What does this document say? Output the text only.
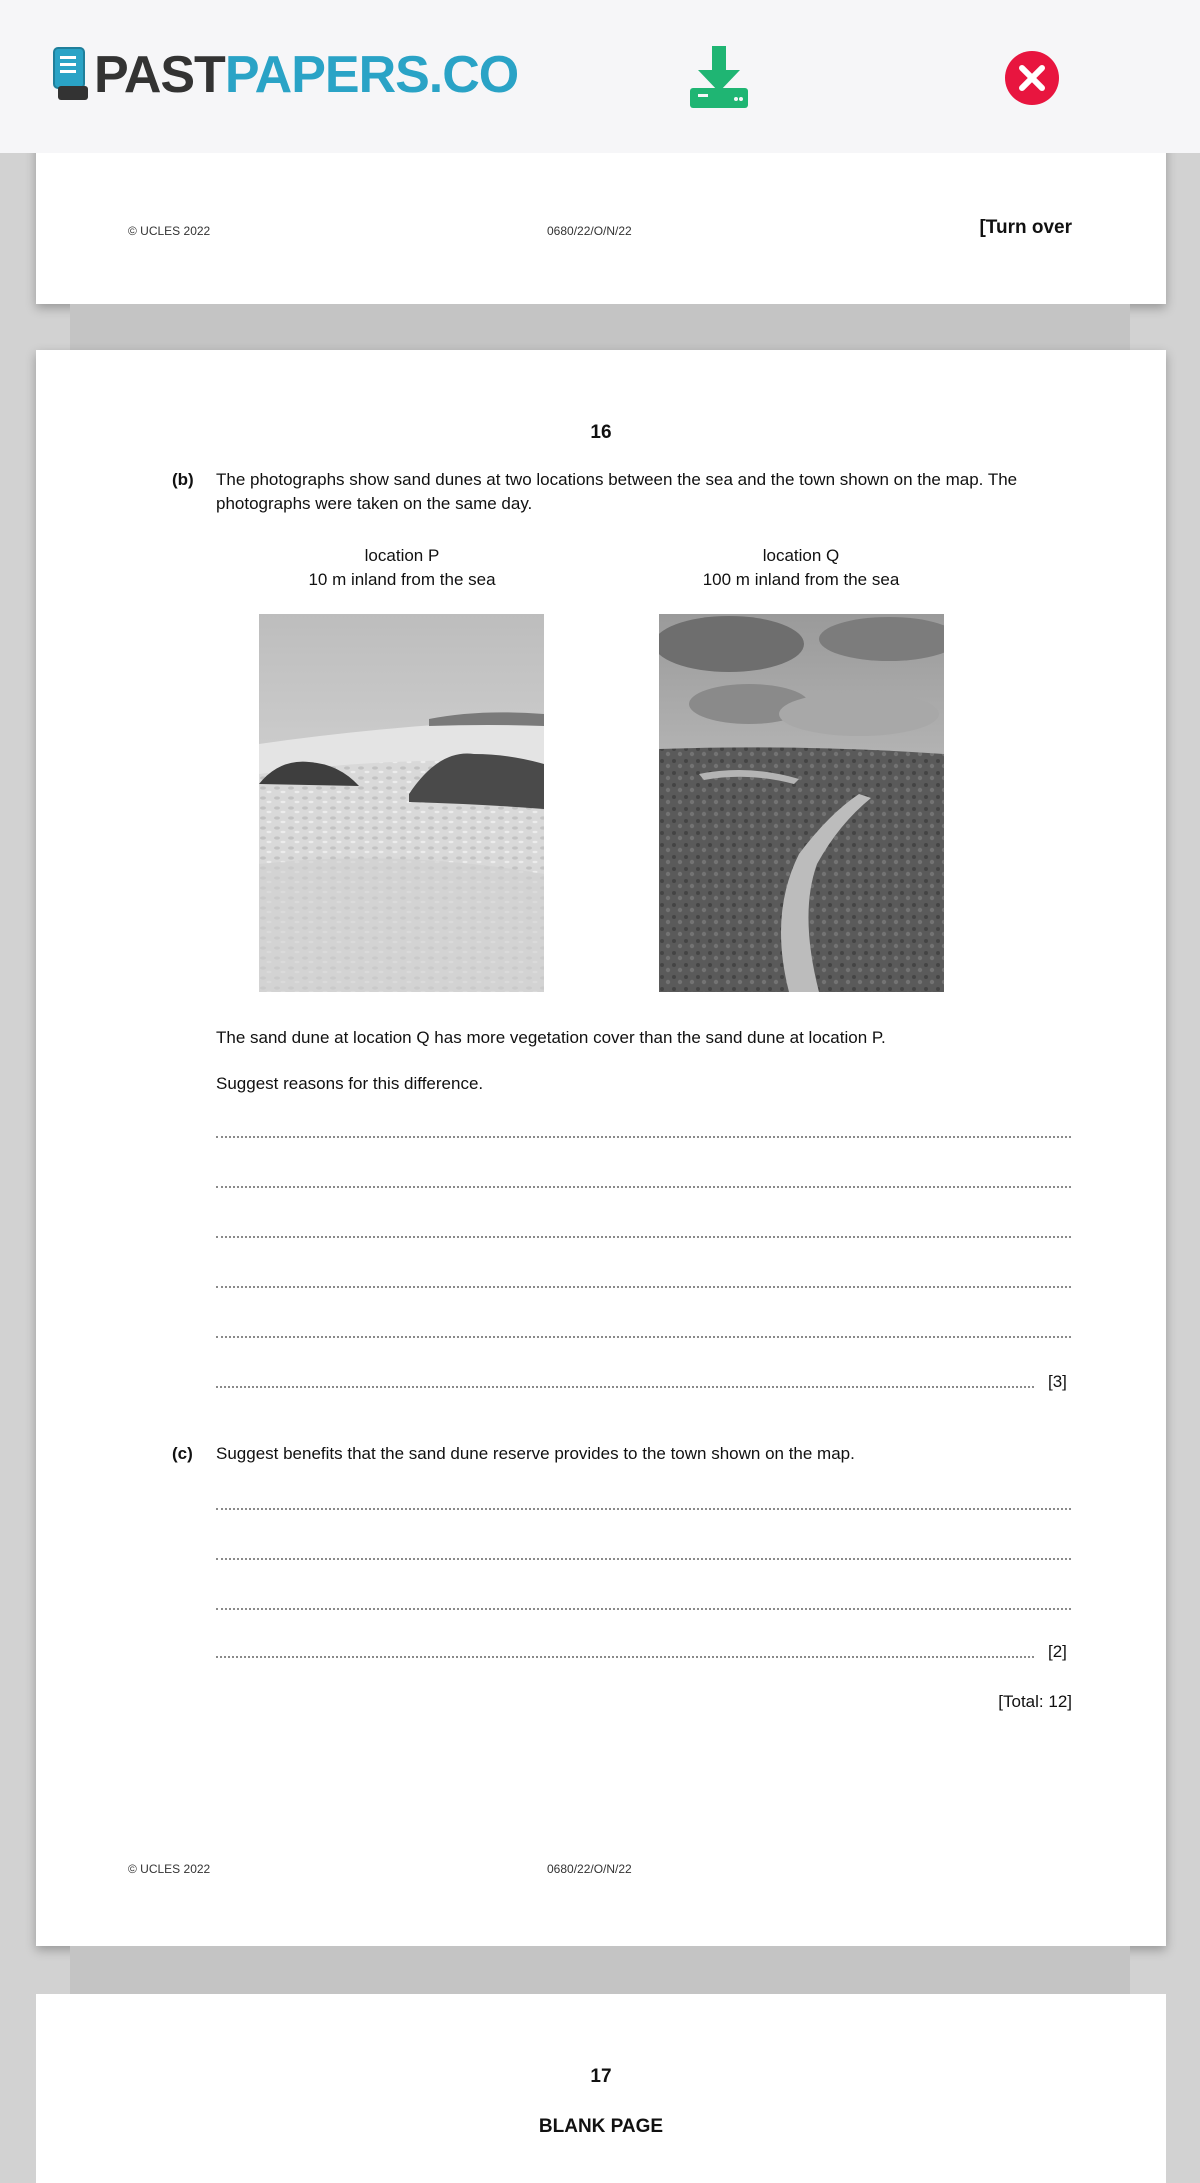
PASTPAPERS.CO
© UCLES 2022	0680/22/O/N/22	[Turn over
16
(b) The photographs show sand dunes at two locations between the sea and the town shown on the map. The photographs were taken on the same day.
location P
10 m inland from the sea
location Q
100 m inland from the sea
The sand dune at location Q has more vegetation cover than the sand dune at location P.
Suggest reasons for this difference.
[3]
(c) Suggest benefits that the sand dune reserve provides to the town shown on the map.
[2]
[Total: 12]
© UCLES 2022	0680/22/O/N/22
17
BLANK PAGE
